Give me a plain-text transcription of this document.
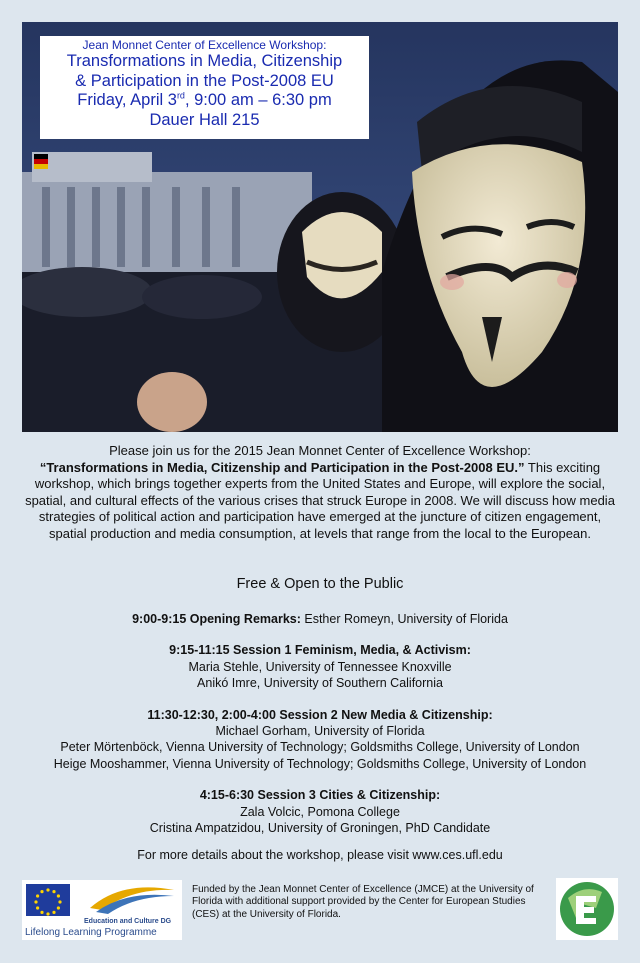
Jean Monnet Center of Excellence Workshop:
Transformations in Media, Citizenship
& Participation in the Post-2008 EU
Friday, April 3rd, 9:00 am – 6:30 pm
Dauer Hall 215
Please join us for the 2015 Jean Monnet Center of Excellence Workshop:
“Transformations in Media, Citizenship and Participation in the Post-2008 EU.” This exciting workshop, which brings together experts from the United States and Europe, will explore the social, spatial, and cultural effects of the various crises that struck Europe in 2008. We will discuss how media strategies of political action and participation have emerged at the juncture of citizen engagement, spatial production and media consumption, at levels that range from the local to the European.
Free & Open to the Public
9:00-9:15 Opening Remarks: Esther Romeyn, University of Florida
9:15-11:15 Session 1 Feminism, Media, & Activism:
Maria Stehle, University of Tennessee Knoxville
Anikó Imre, University of Southern California
11:30-12:30, 2:00-4:00 Session 2 New Media & Citizenship:
Michael Gorham, University of Florida
Peter Mörtenböck, Vienna University of Technology; Goldsmiths College, University of London
Heige Mooshammer, Vienna University of Technology; Goldsmiths College, University of London
4:15-6:30 Session 3 Cities & Citizenship:
Zala Volcic, Pomona College
Cristina Ampatzidou, University of Groningen, PhD Candidate
For more details about the workshop, please visit www.ces.ufl.edu
Education and Culture DG
Lifelong Learning Programme
Funded by the Jean Monnet Center of Excellence (JMCE) at the University of Florida with additional support provided by the Center for European Studies (CES) at the University of Florida.
